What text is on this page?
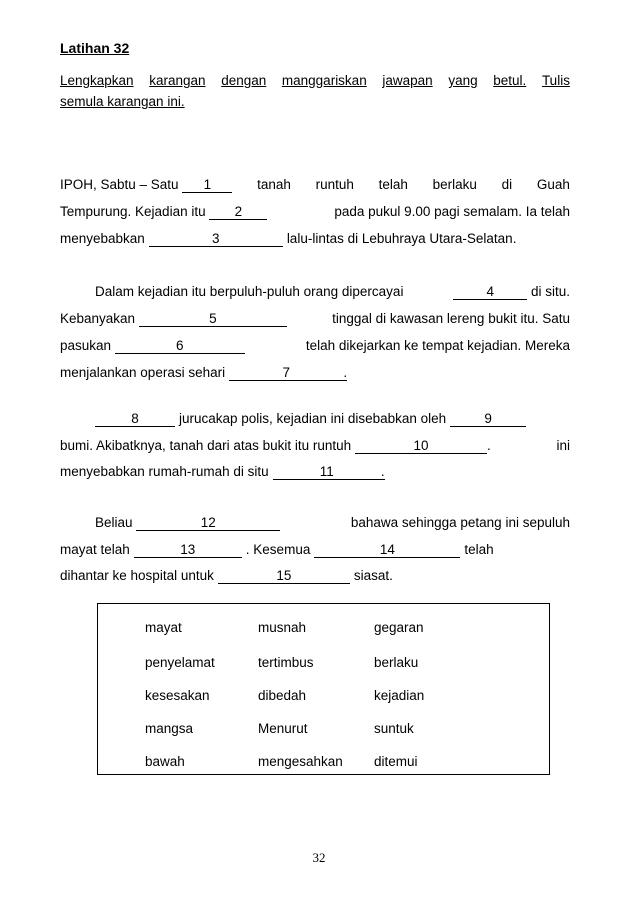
Latihan 32
Lengkapkan karangan dengan manggariskan jawapan yang betul. Tulis
semula karangan ini.
IPOH, Sabtu – Satu 1	tanah runtuh telah berlaku di Guah
Tempurung. Kejadian itu 2	pada pukul 9.00 pagi semalam. Ia telah
menyebabkan	3	lalu-lintas di Lebuhraya Utara-Selatan.
Dalam kejadian itu berpuluh-puluh orang dipercayai	4	di situ.
Kebanyakan	5	tinggal di kawasan lereng bukit itu. Satu
pasukan	6	telah dikejarkan ke tempat kejadian. Mereka
menjalankan operasi sehari	7	.
8	jurucakap polis, kejadian ini disebabkan oleh	9
bumi. Akibatknya, tanah dari atas bukit itu runtuh	10	.	ini
menyebabkan rumah-rumah di situ	11	.
Beliau	12	bahawa sehingga petang ini sepuluh
mayat telah	13	. Kesemua	14	telah
dihantar ke hospital untuk	15	siasat.
mayat	musnah	gegaran
penyelamat	tertimbus	berlaku
kesesakan	dibedah	kejadian
mangsa	Menurut	suntuk
bawah	mengesahkan ditemui
32
